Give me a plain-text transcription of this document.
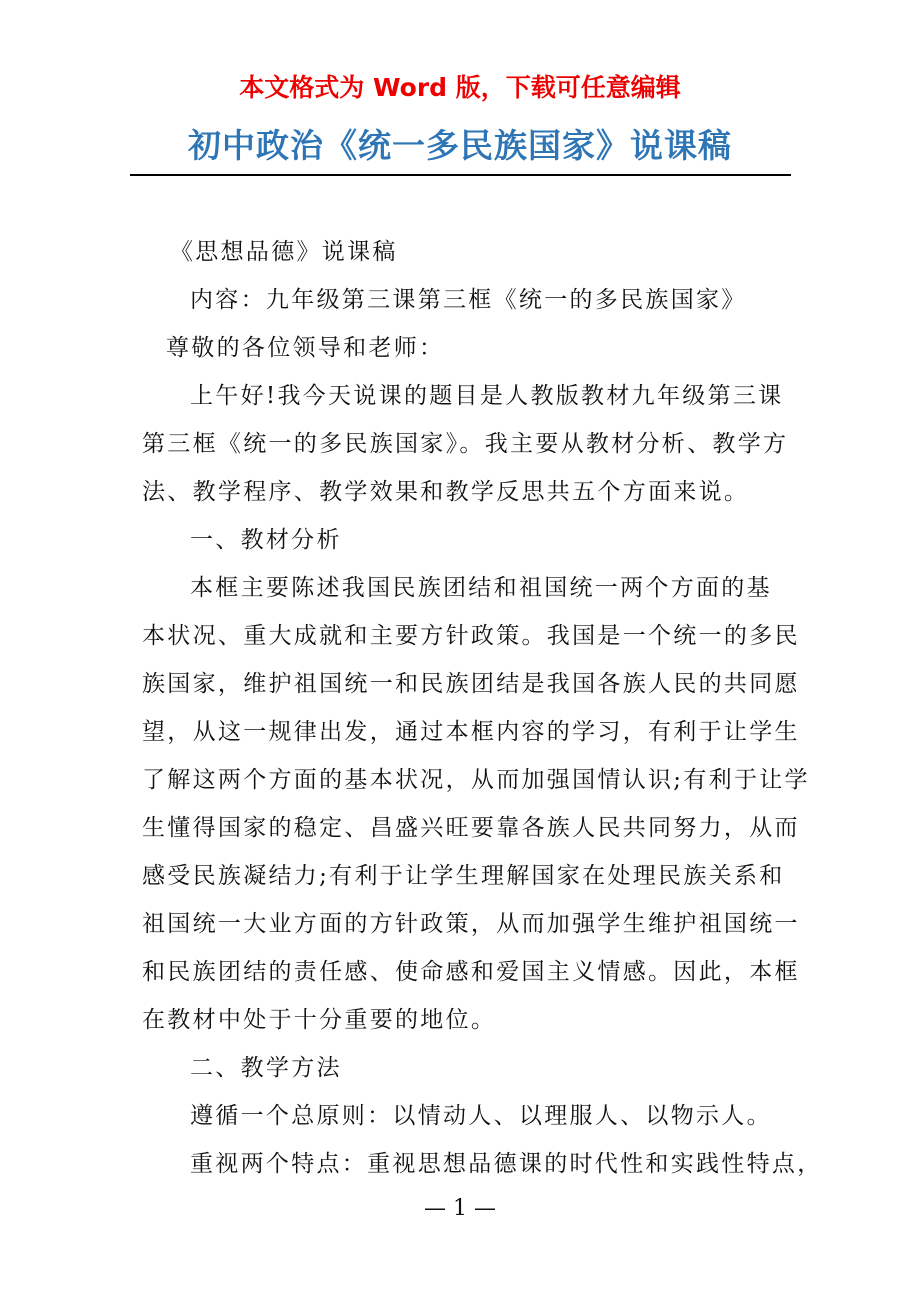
本文格式为 Word 版，下载可任意编辑
初中政治《统一多民族国家》说课稿
《思想品德》说课稿
内容：九年级第三课第三框《统一的多民族国家》
尊敬的各位领导和老师：
上午好!我今天说课的题目是人教版教材九年级第三课
第三框《统一的多民族国家》。我主要从教材分析、教学方
法、教学程序、教学效果和教学反思共五个方面来说。
一、教材分析
本框主要陈述我国民族团结和祖国统一两个方面的基
本状况、重大成就和主要方针政策。我国是一个统一的多民
族国家，维护祖国统一和民族团结是我国各族人民的共同愿
望，从这一规律出发，通过本框内容的学习，有利于让学生
了解这两个方面的基本状况，从而加强国情认识;有利于让学
生懂得国家的稳定、昌盛兴旺要靠各族人民共同努力，从而
感受民族凝结力;有利于让学生理解国家在处理民族关系和
祖国统一大业方面的方针政策，从而加强学生维护祖国统一
和民族团结的责任感、使命感和爱国主义情感。因此，本框
在教材中处于十分重要的地位。
二、教学方法
遵循一个总原则：以情动人、以理服人、以物示人。
重视两个特点：重视思想品德课的时代性和实践性特点，
— 1 —
